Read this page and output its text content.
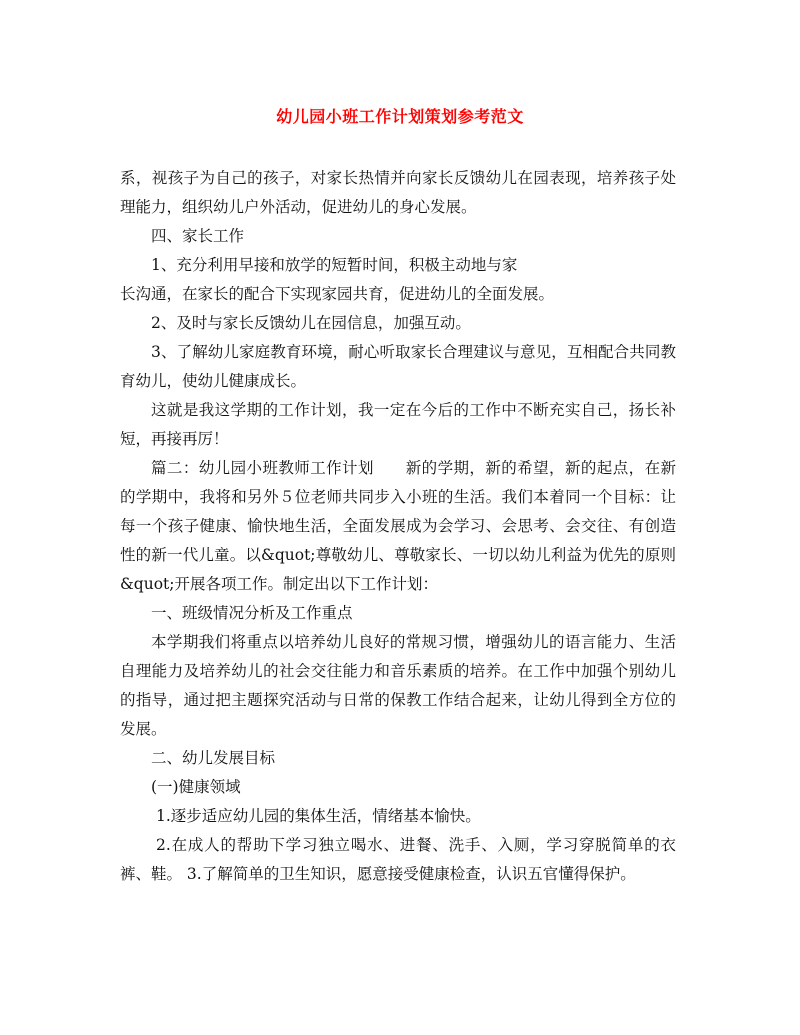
幼儿园小班工作计划策划参考范文

系，视孩子为自己的孩子，对家长热情并向家长反馈幼儿在园表现，培养孩子处理能力，组织幼儿户外活动，促进幼儿的身心发展。

四、家长工作

1、充分利用早接和放学的短暂时间，积极主动地与家

长沟通，在家长的配合下实现家园共育，促进幼儿的全面发展。

2、及时与家长反馈幼儿在园信息，加强互动。

3、了解幼儿家庭教育环境，耐心听取家长合理建议与意见，互相配合共同教育幼儿，使幼儿健康成长。

这就是我这学期的工作计划，我一定在今后的工作中不断充实自己，扬长补短，再接再厉！

篇二：幼儿园小班教师工作计划　　新的学期，新的希望，新的起点，在新的学期中，我将和另外５位老师共同步入小班的生活。我们本着同一个目标：让每一个孩子健康、愉快地生活，全面发展成为会学习、会思考、会交往、有创造性的新一代儿童。以&quot;尊敬幼儿、尊敬家长、一切以幼儿利益为优先的原则&quot;开展各项工作。制定出以下工作计划：

一、班级情况分析及工作重点

本学期我们将重点以培养幼儿良好的常规习惯，增强幼儿的语言能力、生活自理能力及培养幼儿的社会交往能力和音乐素质的培养。在工作中加强个别幼儿的指导，通过把主题探究活动与日常的保教工作结合起来，让幼儿得到全方位的发展。

二、幼儿发展目标

(一)健康领域

1.逐步适应幼儿园的集体生活，情绪基本愉快。

2.在成人的帮助下学习独立喝水、进餐、洗手、入厕，学习穿脱简单的衣裤、鞋。 3.了解简单的卫生知识，愿意接受健康检查，认识五官懂得保护。
